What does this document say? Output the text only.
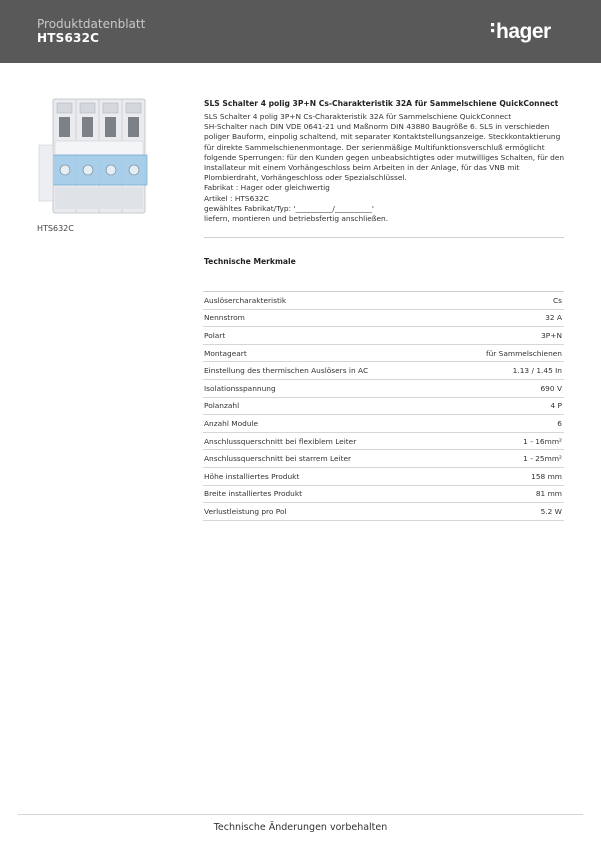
Produktdatenblatt
HTS632C	hager
HTS632C
SLS Schalter 4 polig 3P+N Cs-Charakteristik 32A für Sammelschiene QuickConnect
SLS Schalter 4 polig 3P+N Cs-Charakteristik 32A für Sammelschiene QuickConnect
SH-Schalter nach DIN VDE 0641-21 und Maßnorm DIN 43880 Baugröße 6. SLS in verschieden
poliger Bauform, einpolig schaltend, mit separater Kontaktstellungsanzeige. Steckkontaktierung
für direkte Sammelschienenmontage. Der serienmäßige Multifunktionsverschluß ermöglicht
folgende Sperrungen: für den Kunden gegen unbeabsichtigtes oder mutwilliges Schalten, für den
Installateur mit einem Vorhängeschloss beim Arbeiten in der Anlage, für das VNB mit
Plombierdraht, Vorhängeschloss oder Spezialschlüssel.
Fabrikat : Hager oder gleichwertig
Artikel : HTS632C
gewähltes Fabrikat/Typ: '__________/__________'
liefern, montieren und betriebsfertig anschließen.
Technische Merkmale
Auslösercharakteristik	Cs
Nennstrom	32 A
Polart	3P+N
Montageart	für Sammelschienen
Einstellung des thermischen Auslösers in AC	1.13 / 1.45 In
Isolationsspannung	690 V
Polanzahl	4 P
Anzahl Module	6
Anschlussquerschnitt bei flexiblem Leiter	1 - 16mm²
Anschlussquerschnitt bei starrem Leiter	1 - 25mm²
Höhe installiertes Produkt	158 mm
Breite installiertes Produkt	81 mm
Verlustleistung pro Pol	5.2 W
Technische Änderungen vorbehalten
